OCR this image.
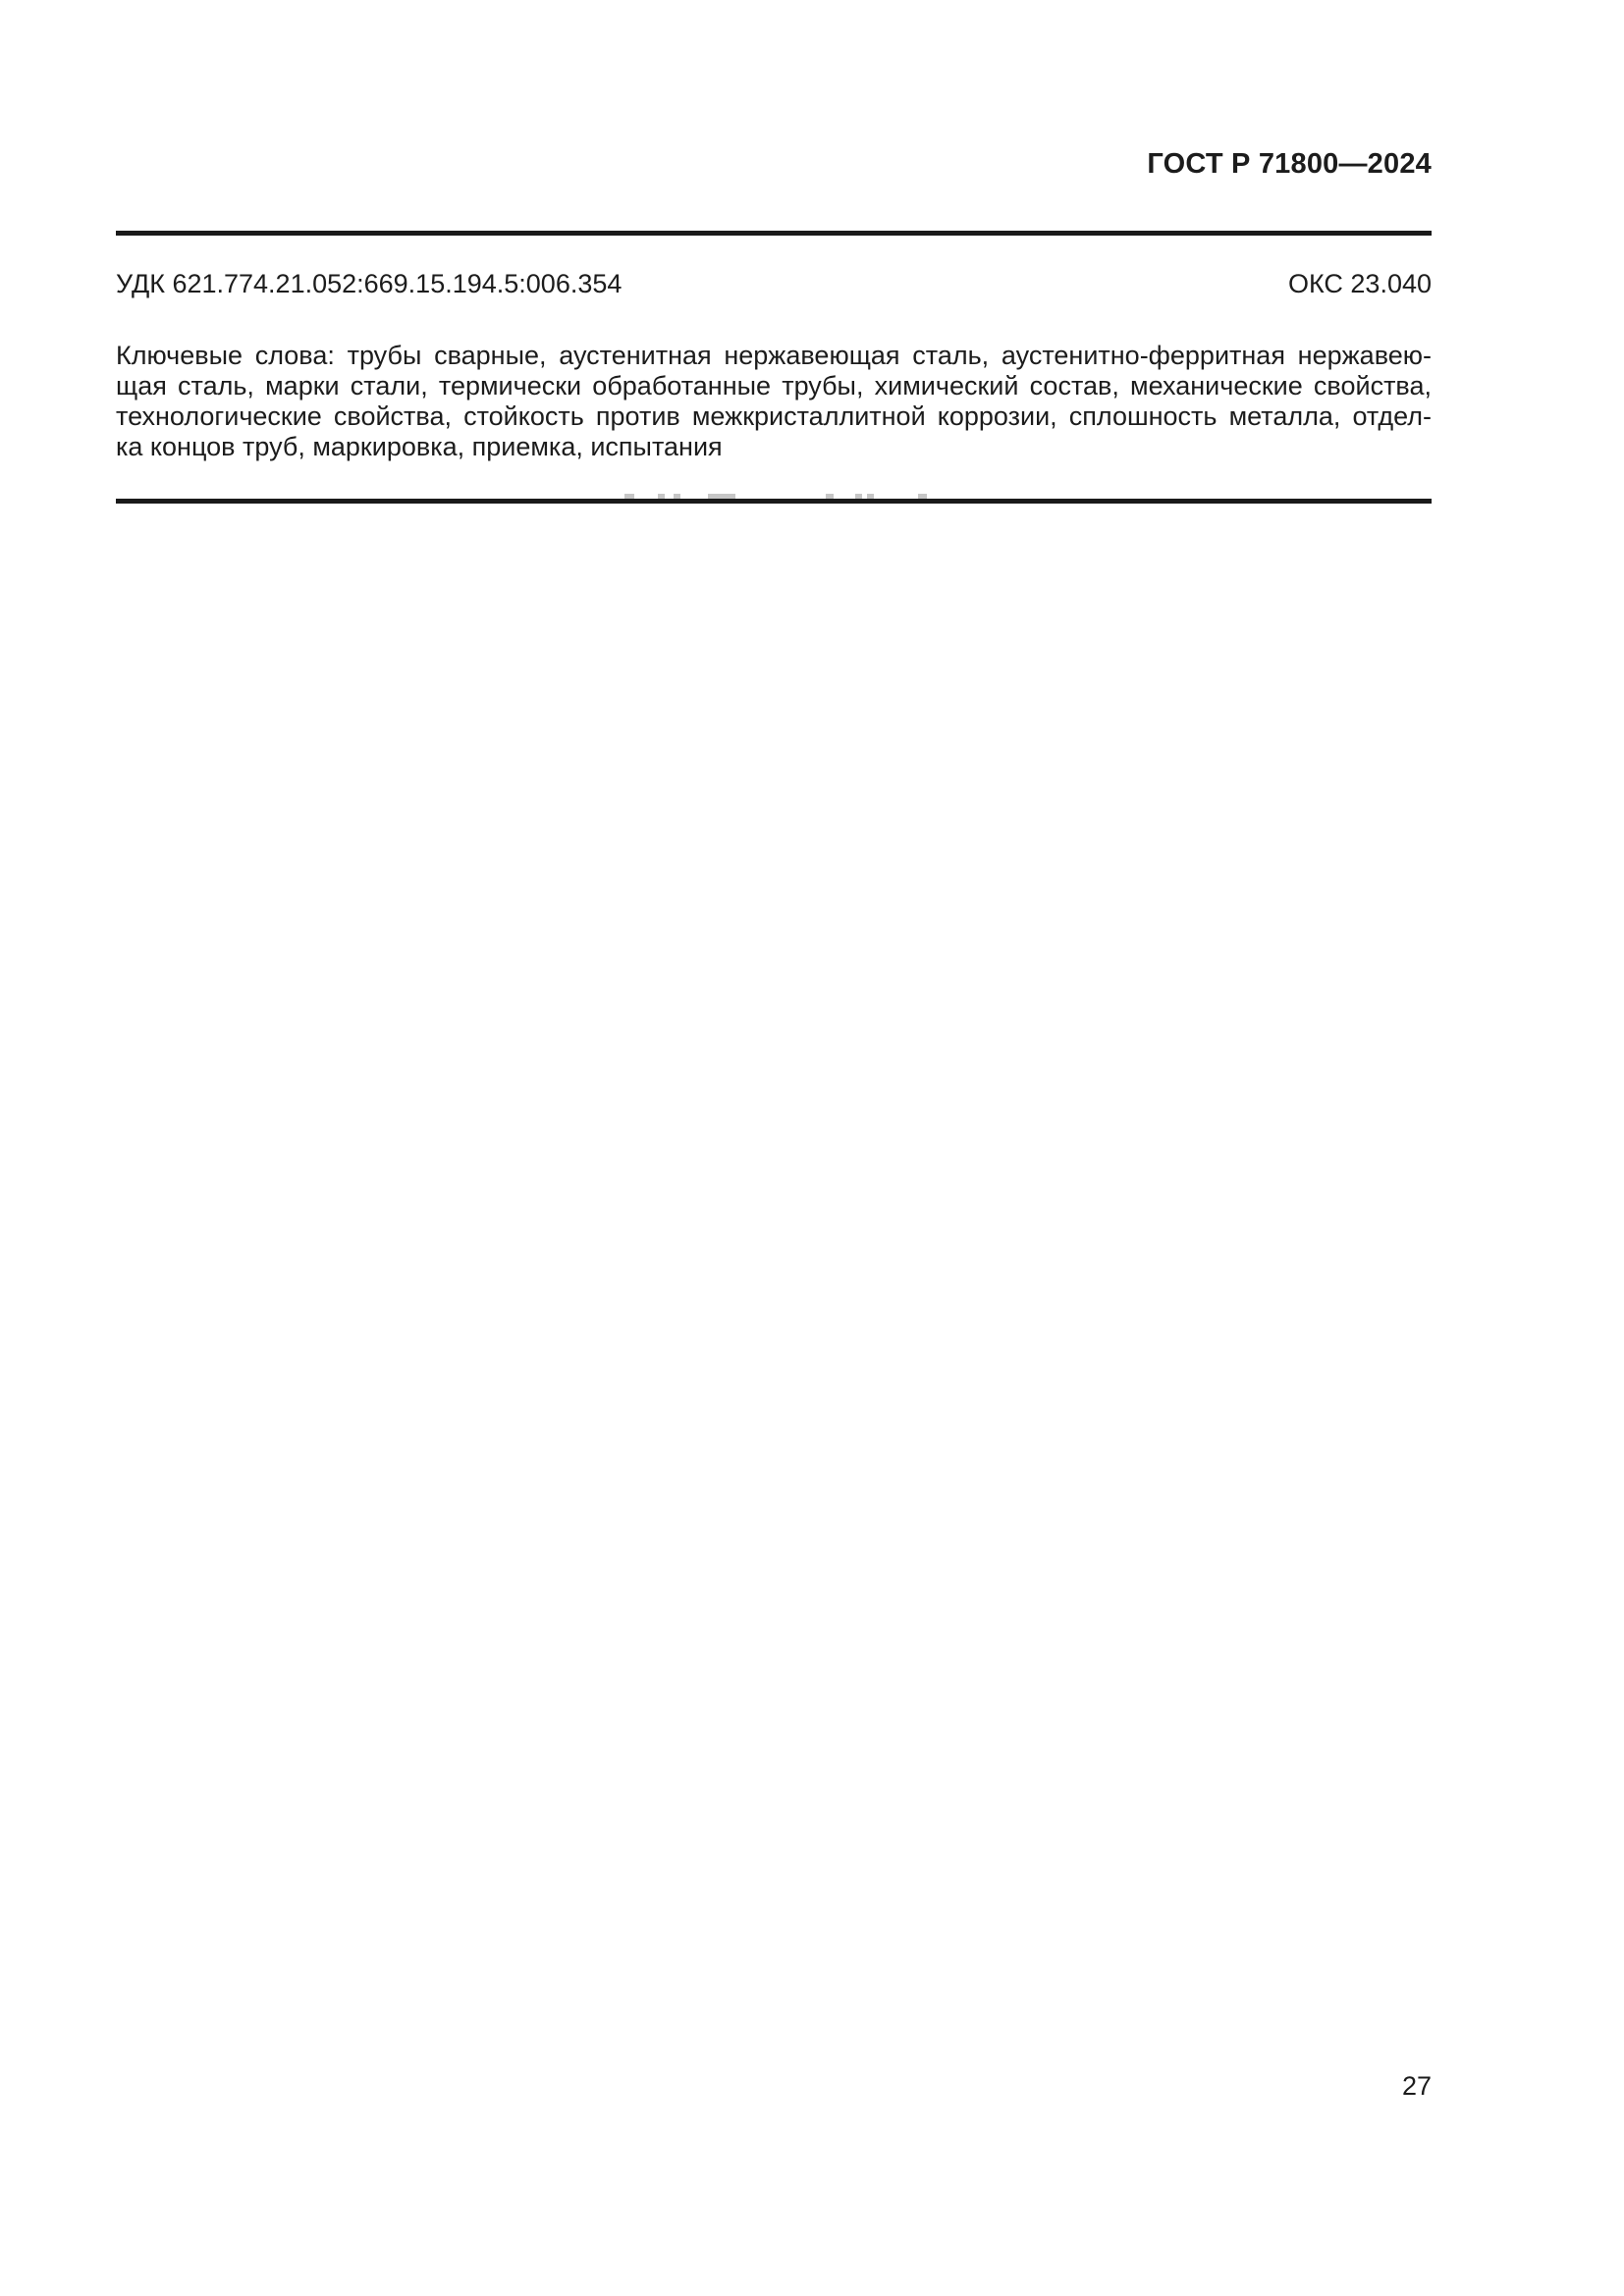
ГОСТ Р 71800—2024
УДК 621.774.21.052:669.15.194.5:006.354	ОКС 23.040
Ключевые слова: трубы сварные, аустенитная нержавеющая сталь, аустенитно-ферритная нержавею-
щая сталь, марки стали, термически обработанные трубы, химический состав, механические свойства,
технологические свойства, стойкость против межкристаллитной коррозии, сплошность металла, отдел-
ка концов труб, маркировка, приемка, испытания
27
